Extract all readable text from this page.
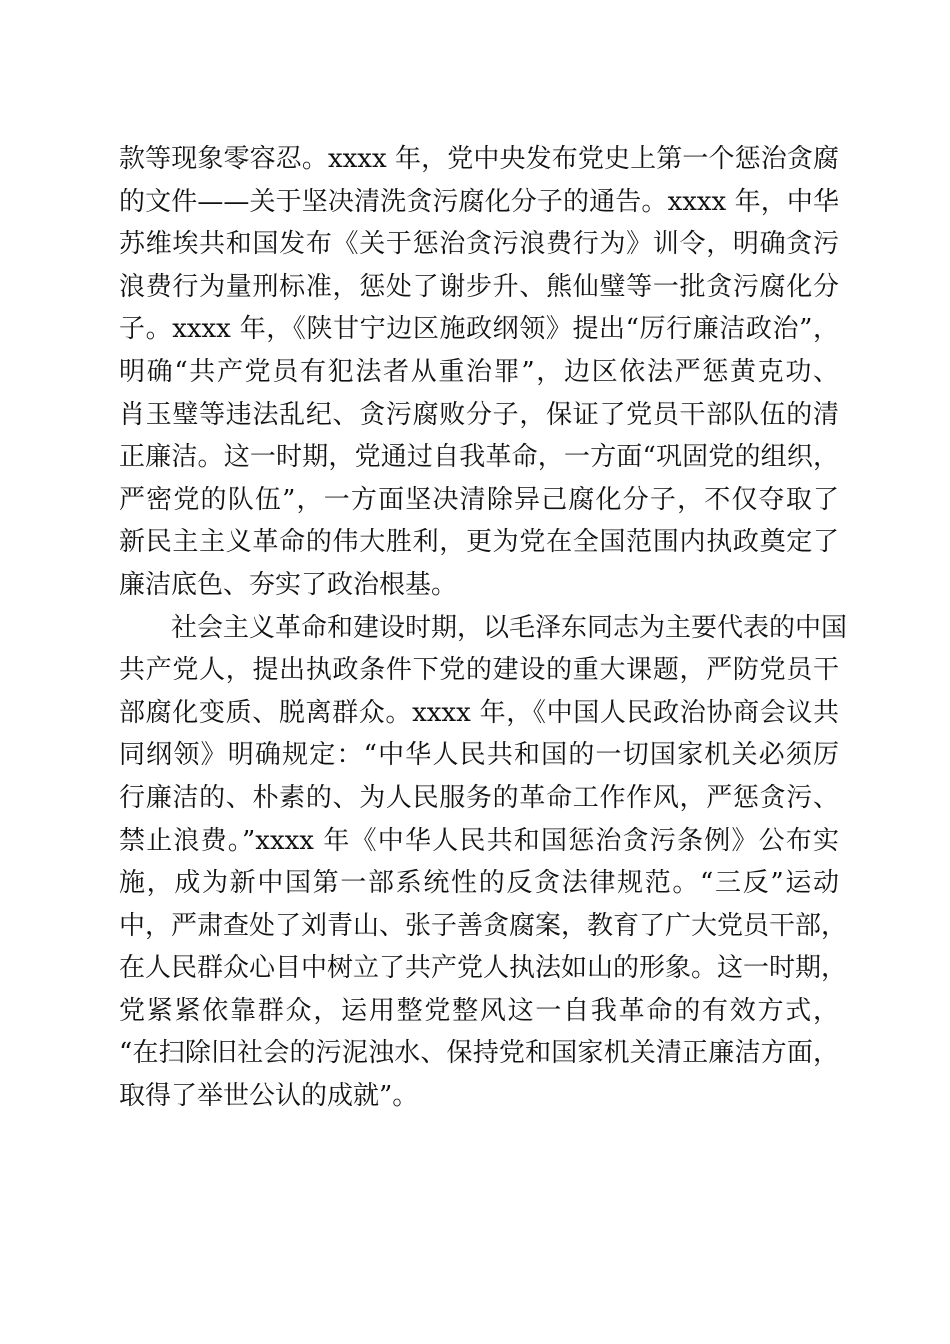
款等现象零容忍。xxxx 年，党中央发布党史上第一个惩治贪腐
的文件——关于坚决清洗贪污腐化分子的通告。xxxx 年，中华
苏维埃共和国发布《关于惩治贪污浪费行为》训令，明确贪污
浪费行为量刑标准，惩处了谢步升、熊仙璧等一批贪污腐化分
子。xxxx 年，《陕甘宁边区施政纲领》提出“厉行廉洁政治”，
明确“共产党员有犯法者从重治罪”，边区依法严惩黄克功、
肖玉璧等违法乱纪、贪污腐败分子，保证了党员干部队伍的清
正廉洁。这一时期，党通过自我革命，一方面“巩固党的组织，
严密党的队伍”，一方面坚决清除异己腐化分子，不仅夺取了
新民主主义革命的伟大胜利，更为党在全国范围内执政奠定了
廉洁底色、夯实了政治根基。
社会主义革命和建设时期，以毛泽东同志为主要代表的中国
共产党人，提出执政条件下党的建设的重大课题，严防党员干
部腐化变质、脱离群众。xxxx 年，《中国人民政治协商会议共
同纲领》明确规定：“中华人民共和国的一切国家机关必须厉
行廉洁的、朴素的、为人民服务的革命工作作风，严惩贪污、
禁止浪费。”xxxx 年《中华人民共和国惩治贪污条例》公布实
施，成为新中国第一部系统性的反贪法律规范。“三反”运动
中，严肃查处了刘青山、张子善贪腐案，教育了广大党员干部，
在人民群众心目中树立了共产党人执法如山的形象。这一时期，
党紧紧依靠群众，运用整党整风这一自我革命的有效方式，
“在扫除旧社会的污泥浊水、保持党和国家机关清正廉洁方面，
取得了举世公认的成就”。
